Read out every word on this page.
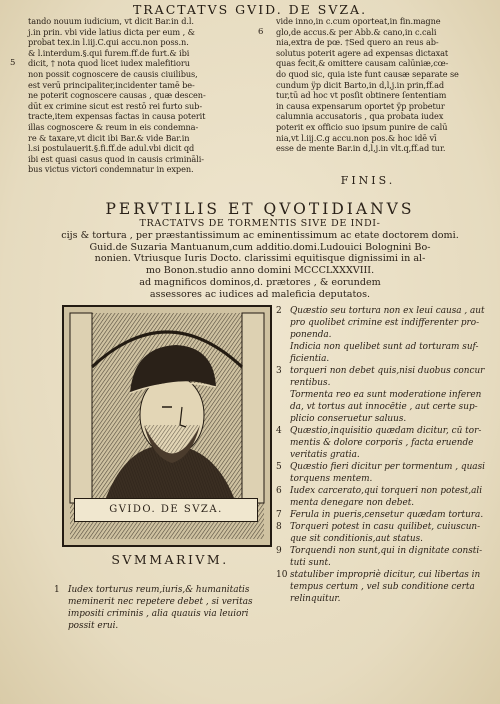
TRACTATVS GVID. DE SVZA.
tando nouum iudicium, vt dicit Bar.in d.l.
j.in prin. vbi vide latius dicta per eum , &
probat tex.in l.iij.C.qui accu.non poss.n.
& l.interdum.§.qui furem.ff.de furt.& ibi
5 dicit, † nota quod licet iudex malefitioru
non possit cognoscere de causis ciuilibus,
est verū principaliter,incidenter tamē be-
ne poterit cognoscere causas , quæ descen-
dūt ex crimine sicut est restō rei furto sub-
tracte,item expensas factas in causa poterit
illas cognoscere & reum in eis condemna-
re & taxare,vt dicit ibi Bar.& vide Bar.in
l.si postulauerit.§.fi.ff.de adul.vbi dicit qd
ibi est quasi casus quod in causis crimināli-
bus victus victori condemnatur in expen.
vide inno,in c.cum oporteat,in fin.magne
6 glo,de accus.& per Abb.& cano,in c.cali
nia,extra de pœ. †Sed quero an reus ab-
solutus poterit agere ad expensas dictaxat
quas fecit,& omittere causam calūniæ,cœ-
do quod sic, quia iste funt causæ separate se
cundum ÿp dicit Barto,in d,l,j.in prin,ff.ad
tur,tū ad hoc vt posſit obtinere ſententiam
in causa expensarum oportet ÿp probetur
calumnia accusatoris , qua probata iudex
poterit ex officio suo ipsum punire de calū
nia,vt l.iij.C.g accu.non pos.& hoc idē vī
esse de mente Bar.in d,l,j.in vlt.q,ff.ad tur.
FINIS.
PERVTILIS ET QVOTIDIANVS
TRACTATVS DE TORMENTIS SIVE DE INDI-
cijs & tortura , per præstantissimum ac eminentissimum ac etate doctorem domi.
Guid.de Suzaria Mantuanum,cum additio.domi.Ludouici Bolognini Bo-
nonien. Vtriusque Iuris Docto. clarissimi equitisque dignissimi in al-
mo Bonon.studio anno domini MCCCLXXXVIII.
ad magnificos dominos,d. prætores , & eorundem
assessores ac iudices ad maleficia deputatos.
GVIDO. DE SVZA.
SVMMARIVM.
1 Iudex torturus reum,iuris,& humanitatis
meminerit nec repetere debet , si veritas
impositi criminis , alia quauis via leuiori
possit erui.
2 Quæstio seu tortura non ex leui causa , aut
pro quolibet crimine est indifferenter pro-
ponenda.
Indicia non quelibet sunt ad torturam suf-
ficientia.
3 torqueri non debet quis,nisi duobus concur
rentibus.
Tormenta reo ea sunt moderatione inferen
da, vt tortus aut innocētie , aut certe sup-
plicio conseruetur saluus.
4 Quæstio,inquisitio quædam dicitur, cū tor-
mentis & dolore corporis , facta eruende
veritatis gratia.
5 Quæstio fieri dicitur per tormentum , quasi
torquens mentem.
6 Iudex carcerato,qui torqueri non potest,ali
menta denegare non debet.
7 Ferula in pueris,censetur quædam tortura.
8 Torqueri potest in casu quilibet, cuiuscun-
que sit conditionis,aut status.
9 Torquendi non sunt,qui in dignitate consti-
tuti sunt.
10 statuliber impropriè dicitur, cui libertas in
tempus certum , vel sub conditione certa
relinquitur.
